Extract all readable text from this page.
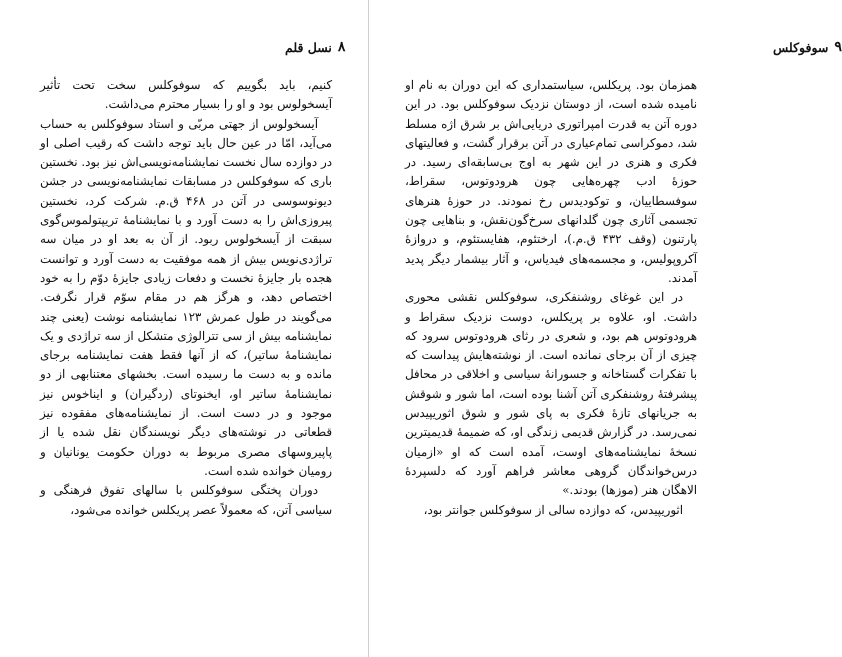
۸
نسل قلم

کنیم، باید بگوییم که سوفوکلس سخت تحت تأثیر آیسخولوس بود و او را بسیار محترم می‌داشت.

آیسخولوس از جهتی مربّی و استاد سوفوکلس به حساب می‌آید، امّا در عین حال باید توجه داشت که رقیب اصلی او در دوازده سال نخست نمایشنامه‌نویسی‌اش نیز بود. نخستین باری که سوفوکلس در مسابقات نمایشنامه‌نویسی در جشن دیونوسوسی در آتن در ۴۶۸ ق.م. شرکت کرد، نخستین پیروزی‌اش را به دست آورد و با نمایشنامهٔ تریپتولموس‌گوی سبقت از آیسخولوس ربود. از آن به بعد او در میان سه ترا‌ژدی‌نویس بیش از همه موفقیت به دست آورد و توانست هجده بار جایزهٔ نخست و دفعات زیادی جایزهٔ دوّم را به خود اختصاص دهد، و هرگز هم در مقام سوّم قرار نگرفت. می‌گویند در طول عمرش ۱۲۳ نمایشنامه نوشت (یعنی چند نمایشنامه بیش از سی تترالوژی متشکل از سه ترا‌ژدی و یک نمایشنامهٔ ساتیر)، که از آنها فقط هفت نمایشنامه برجای مانده و به دست ما رسیده است. بخشهای معتنابهی از دو نمایشنامهٔ ساتیر او، ایخنوتای (ردگیران) و ایناخوس نیز موجود و در دست است. از نمایشنامه‌های مفقوده نیز قطعاتی در نوشته‌های دیگر نویسندگان نقل شده یا از پاپیروسهای مصری مربوط به دوران حکومت یونانیان و رومیان خوانده شده است.

دوران پختگی سوفوکلس با سالهای تفوق فرهنگی و سیاسی آتن، که معمولاً عصر پریکلس خوانده می‌شود،

۹
سوفوکلس

همزمان بود. پریکلس، سیاستمداری که این دوران به نام او نامیده شده است، از دوستان نزدیک سوفوکلس بود. در این دوره آتن به قدرت امپراتوری دریایی‌اش بر شرق اژه مسلط شد، دموکراسی تمام‌عیاری در آتن برقرار گشت، و فعالیتهای فکری و هنری در این شهر به اوج بی‌سابقه‌ای رسید. در حوزهٔ ادب چهره‌هایی چون هرودوتوس، سقراط، سوفسطاییان، و توکودیدس رخ نمودند. در حوزهٔ هنرهای تجسمی آثاری چون گلدانهای سرخ‌گون‌نقش، و بناهایی چون پارتنون (وقف ۴۳۲ ق.م.)، ارختئوم، هفایستئوم، و دروازهٔ آکروپولیس، و مجسمه‌های فیدیاس، و آثار بیشمار دیگر پدید آمدند.

در این غوغای روشنفکری، سوفوکلس نقشی محوری داشت. او، علاوه بر پریکلس، دوست نزدیک سقراط و هرودوتوس هم بود، و شعری در رثای هرودوتوس سرود که چیزی از آن برجای نمانده است. از نوشته‌هایش پیداست که با تفکرات گستاخانه و جسورانهٔ سیاسی و اخلاقی در محافل پیشرفتهٔ روشنفکری آتن آشنا بوده است، اما شور و شوقش به جریانهای تازهٔ فکری به پای شور و شوق اثوریپیدس نمی‌رسد. در گزارش قدیمی زندگی او، که ضمیمهٔ قدیمیترین نسخهٔ نمایشنامه‌های اوست، آمده است که او «ازمیان درس‌خواندگان گروهی معاشر فراهم آورد که دلسپردهٔ الاهگان هنر (موزها) بودند.»

اثوریپیدس، که دوازده سالی از سوفوکلس جوانتر بود،
